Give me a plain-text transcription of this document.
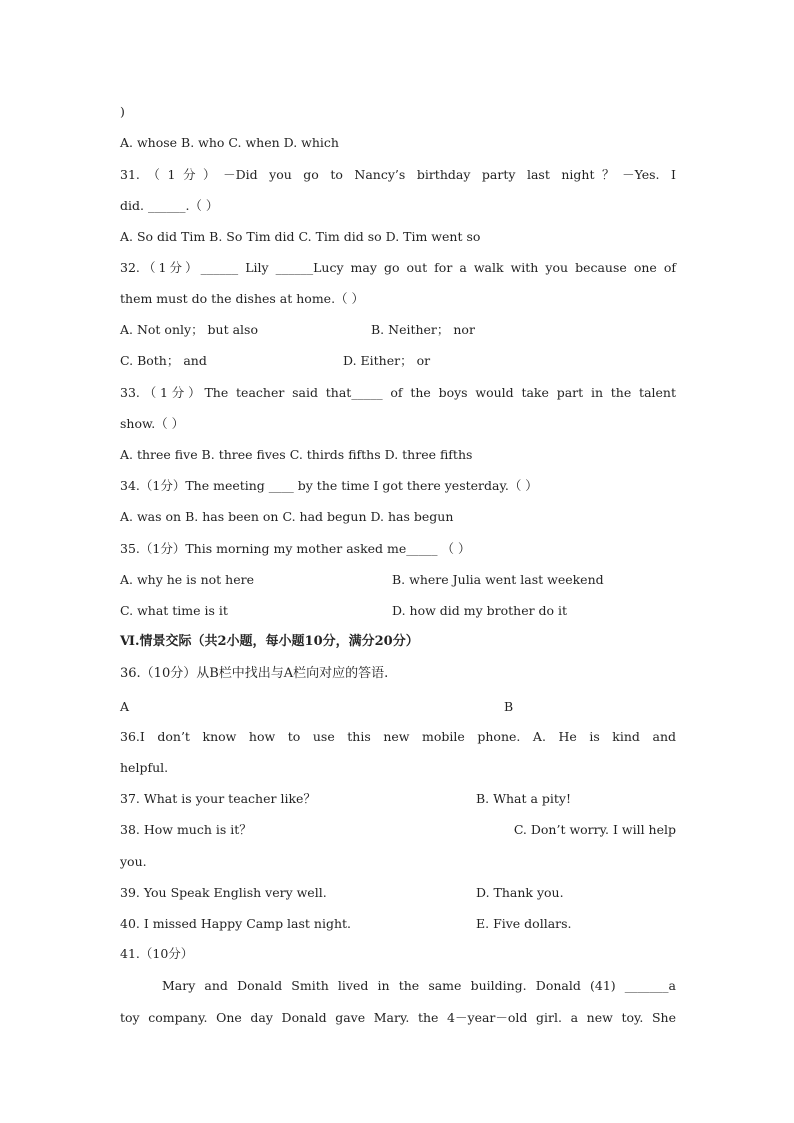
)
A. whose B. who C. when D. which
31.（1分）－Did you go to Nancy’s birthday party last night？－Yes. I
did. ______.（ ）
A. So did Tim B. So Tim did C. Tim did so D. Tim went so
32.（1分）______ Lily ______Lucy may go out for a walk with you because one of
them must do the dishes at home.（ ）
A. Not only； but also	B. Neither； nor
C. Both； and	D. Either； or
33.（1分）The teacher said that_____ of the boys would take part in the talent
show.（ ）
A. three five B. three fives C. thirds fifths D. three fifths
34.（1分）The meeting ____ by the time I got there yesterday.（ ）
A. was on B. has been on C. had begun D. has begun
35.（1分）This morning my mother asked me_____ （ ）
A. why he is not here	B. where Julia went last weekend
C. what time is it	D. how did my brother do it
Ⅵ.情景交际（共2小题，每小题10分，满分20分）
36.（10分）从B栏中找出与A栏向对应的答语.
A	B
36.I don’t know how to use this new mobile phone. A. He is kind and
helpful.
37. What is your teacher like？	B. What a pity!
38. How much is it？	C. Don’t worry. I will help
you.
39. You Speak English very well.	D. Thank you.
40. I missed Happy Camp last night.	E. Five dollars.
41.（10分）
Mary and Donald Smith lived in the same building. Donald (41) _______a
toy company. One day Donald gave Mary. the 4－year－old girl. a new toy. She
